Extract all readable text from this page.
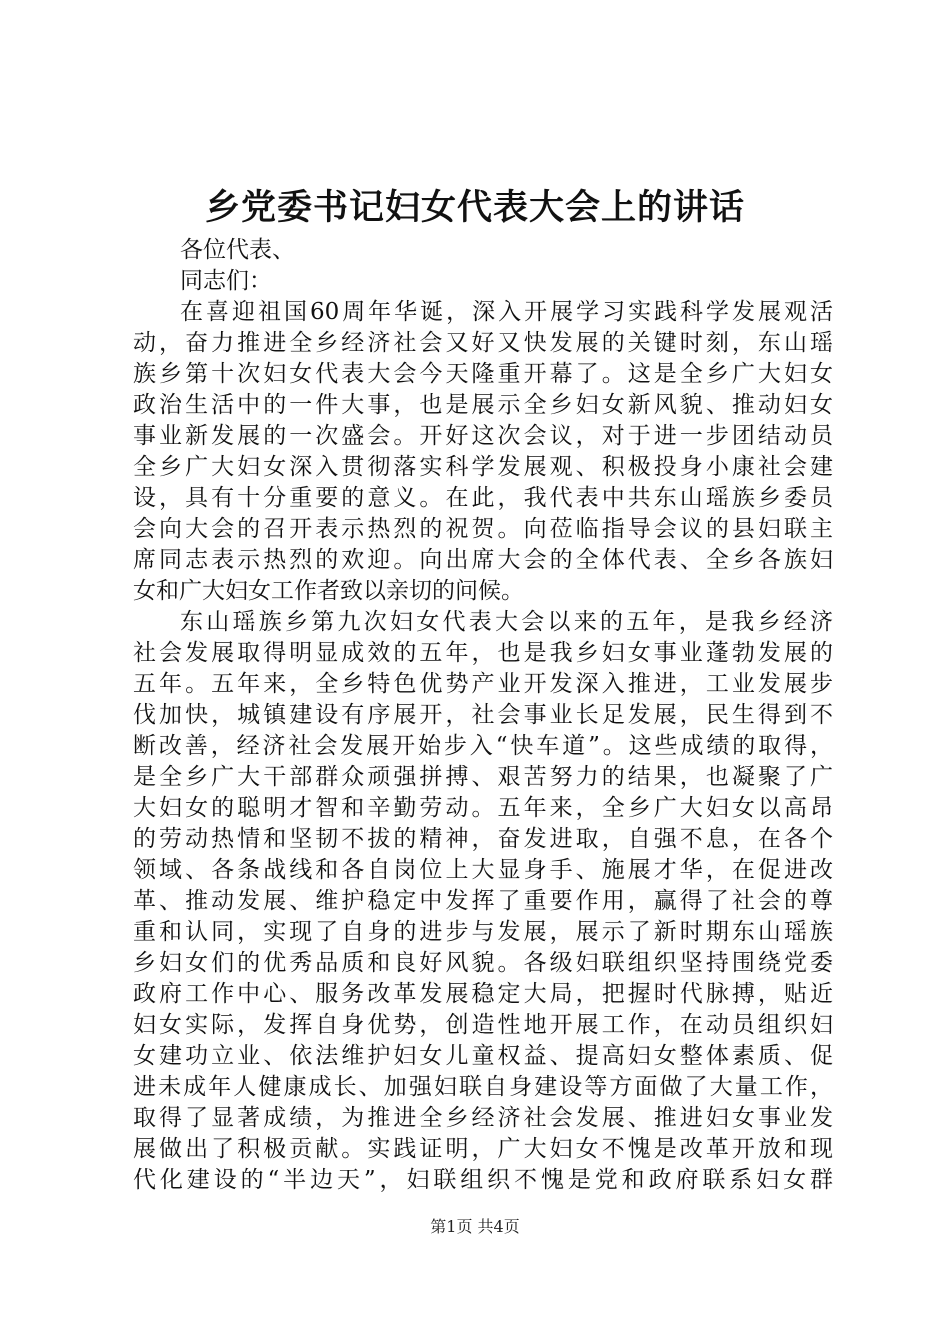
乡党委书记妇女代表大会上的讲话
各位代表、
同志们：
在喜迎祖国60周年华诞，深入开展学习实践科学发展观活
动，奋力推进全乡经济社会又好又快发展的关键时刻，东山瑶
族乡第十次妇女代表大会今天隆重开幕了。这是全乡广大妇女
政治生活中的一件大事，也是展示全乡妇女新风貌、推动妇女
事业新发展的一次盛会。开好这次会议，对于进一步团结动员
全乡广大妇女深入贯彻落实科学发展观、积极投身小康社会建
设，具有十分重要的意义。在此，我代表中共东山瑶族乡委员
会向大会的召开表示热烈的祝贺。向莅临指导会议的县妇联主
席同志表示热烈的欢迎。向出席大会的全体代表、全乡各族妇
女和广大妇女工作者致以亲切的问候。
东山瑶族乡第九次妇女代表大会以来的五年，是我乡经济
社会发展取得明显成效的五年，也是我乡妇女事业蓬勃发展的
五年。五年来，全乡特色优势产业开发深入推进，工业发展步
伐加快，城镇建设有序展开，社会事业长足发展，民生得到不
断改善，经济社会发展开始步入“快车道”。这些成绩的取得，
是全乡广大干部群众顽强拼搏、艰苦努力的结果，也凝聚了广
大妇女的聪明才智和辛勤劳动。五年来，全乡广大妇女以高昂
的劳动热情和坚韧不拔的精神，奋发进取，自强不息，在各个
领域、各条战线和各自岗位上大显身手、施展才华，在促进改
革、推动发展、维护稳定中发挥了重要作用，赢得了社会的尊
重和认同，实现了自身的进步与发展，展示了新时期东山瑶族
乡妇女们的优秀品质和良好风貌。各级妇联组织坚持围绕党委
政府工作中心、服务改革发展稳定大局，把握时代脉搏，贴近
妇女实际，发挥自身优势，创造性地开展工作，在动员组织妇
女建功立业、依法维护妇女儿童权益、提高妇女整体素质、促
进未成年人健康成长、加强妇联自身建设等方面做了大量工作，
取得了显著成绩，为推进全乡经济社会发展、推进妇女事业发
展做出了积极贡献。实践证明，广大妇女不愧是改革开放和现
代化建设的“半边天”，妇联组织不愧是党和政府联系妇女群
第1页 共4页
